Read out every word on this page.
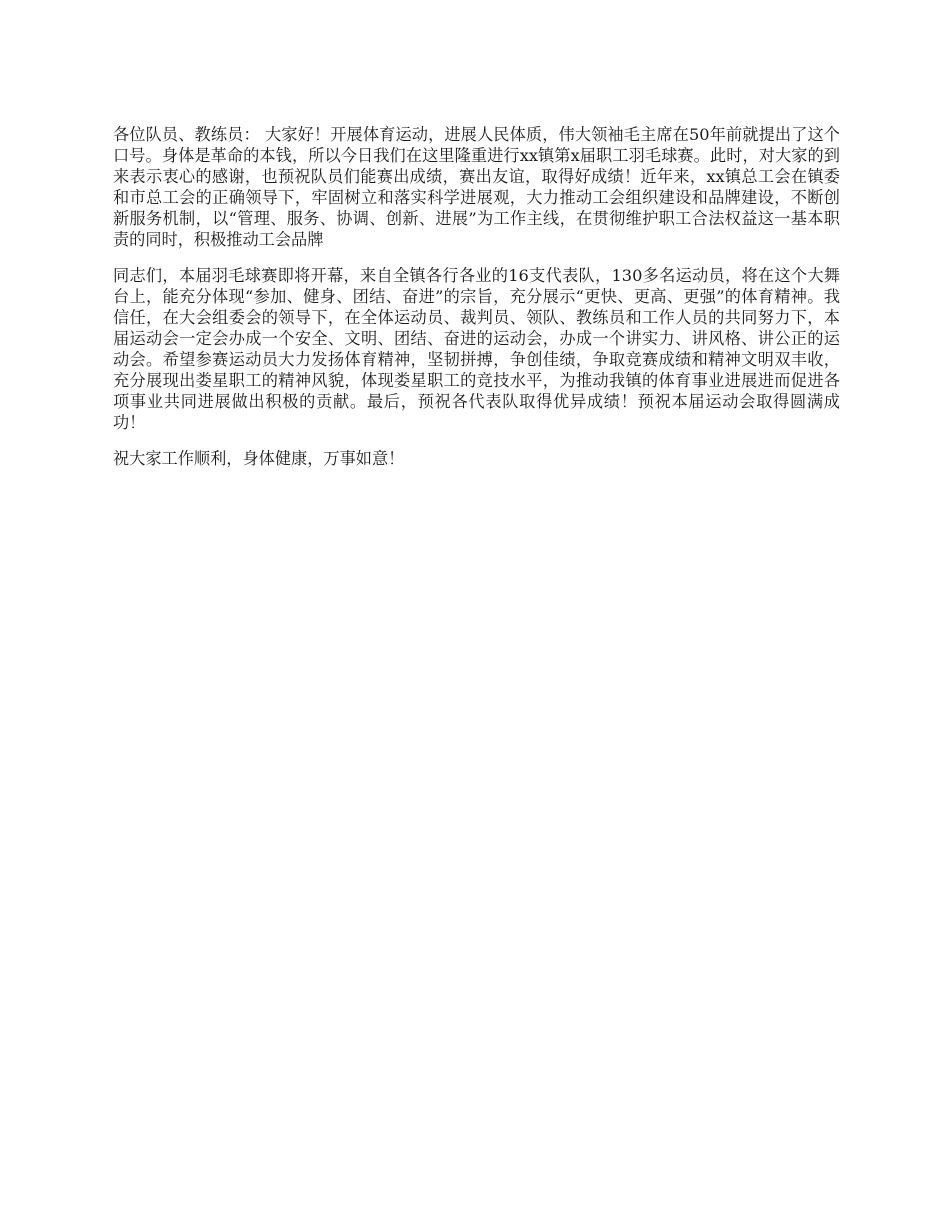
各位队员、教练员： 大家好！开展体育运动，进展人民体质，伟大领袖毛主席在50年前就提出了这个口号。身体是革命的本钱，所以今日我们在这里隆重进行xx镇第x届职工羽毛球赛。此时，对大家的到来表示衷心的感谢，也预祝队员们能赛出成绩，赛出友谊，取得好成绩！近年来，xx镇总工会在镇委和市总工会的正确领导下，牢固树立和落实科学进展观，大力推动工会组织建设和品牌建设，不断创新服务机制，以“管理、服务、协调、创新、进展”为工作主线，在贯彻维护职工合法权益这一基本职责的同时，积极推动工会品牌

同志们，本届羽毛球赛即将开幕，来自全镇各行各业的16支代表队，130多名运动员，将在这个大舞台上，能充分体现“参加、健身、团结、奋进”的宗旨，充分展示“更快、更高、更强”的体育精神。我信任，在大会组委会的领导下，在全体运动员、裁判员、领队、教练员和工作人员的共同努力下，本届运动会一定会办成一个安全、文明、团结、奋进的运动会，办成一个讲实力、讲风格、讲公正的运动会。希望参赛运动员大力发扬体育精神，坚韧拼搏，争创佳绩，争取竞赛成绩和精神文明双丰收，充分展现出娄星职工的精神风貌，体现娄星职工的竞技水平，为推动我镇的体育事业进展进而促进各项事业共同进展做出积极的贡献。最后，预祝各代表队取得优异成绩！预祝本届运动会取得圆满成功！

祝大家工作顺利，身体健康，万事如意！
